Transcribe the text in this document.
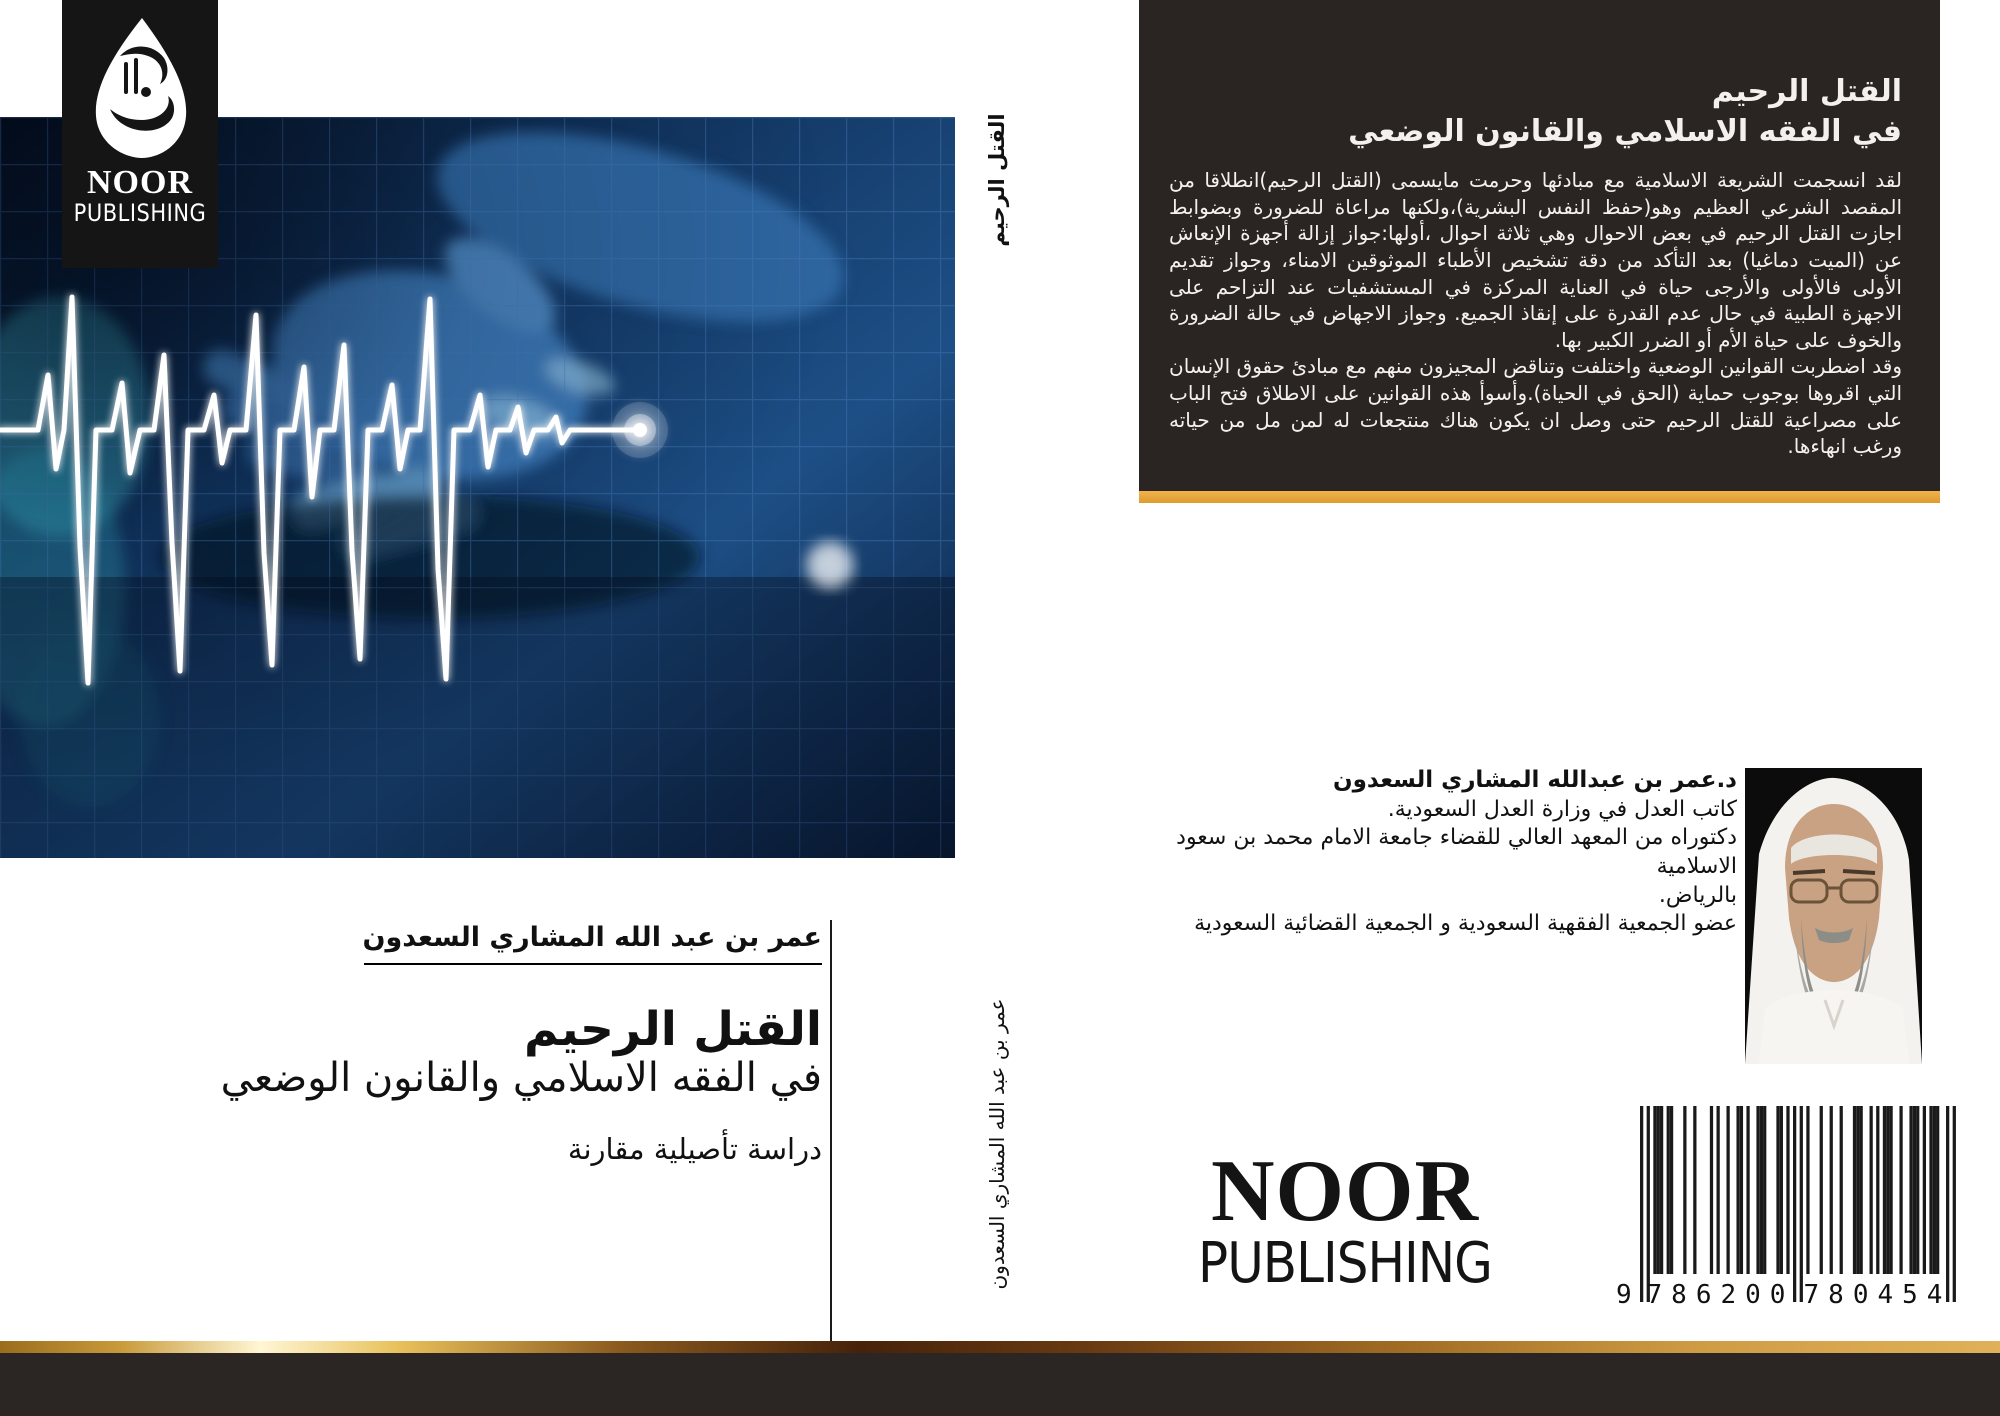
NOOR
PUBLISHING
عمر بن عبد الله المشاري السعدون
القتل الرحيم
في الفقه الاسلامي والقانون الوضعي
دراسة تأصيلية مقارنة
القتل الرحيم
عمر بن عبد الله المشاري السعدون
القتل الرحيم
في الفقه الاسلامي والقانون الوضعي
لقد انسجمت الشريعة الاسلامية مع مبادئها وحرمت مايسمى (القتل الرحيم)انطلاقا من المقصد الشرعي العظيم وهو(حفظ النفس البشرية)،ولكنها مراعاة للضرورة وبضوابط اجازت القتل الرحيم في بعض الاحوال وهي ثلاثة احوال ،أولها:جواز إزالة أجهزة الإنعاش عن (الميت دماغيا) بعد التأكد من دقة تشخيص الأطباء الموثوقين الامناء، وجواز تقديم الأولى فالأولى والأرجى حياة في العناية المركزة في المستشفيات عند التزاحم على الاجهزة الطبية في حال عدم القدرة على إنقاذ الجميع. وجواز الاجهاض في حالة الضرورة والخوف على حياة الأم أو الضرر الكبير بها.
وقد اضطربت القوانين الوضعية واختلفت وتناقض المجيزون منهم مع مبادئ حقوق الإنسان التي اقروها بوجوب حماية (الحق في الحياة).وأسوأ هذه القوانين على الاطلاق فتح الباب على مصراعية للقتل الرحيم حتى وصل ان يكون هناك منتجعات له لمن مل من حياته ورغب انهاءها.
د.عمر بن عبدالله المشاري السعدون
كاتب العدل في وزارة العدل السعودية.
دكتوراه من المعهد العالي للقضاء جامعة الامام محمد بن سعود الاسلامية
بالرياض.
عضو الجمعية الفقهية السعودية و الجمعية القضائية السعودية
NOOR
PUBLISHING	9 786200 780454
